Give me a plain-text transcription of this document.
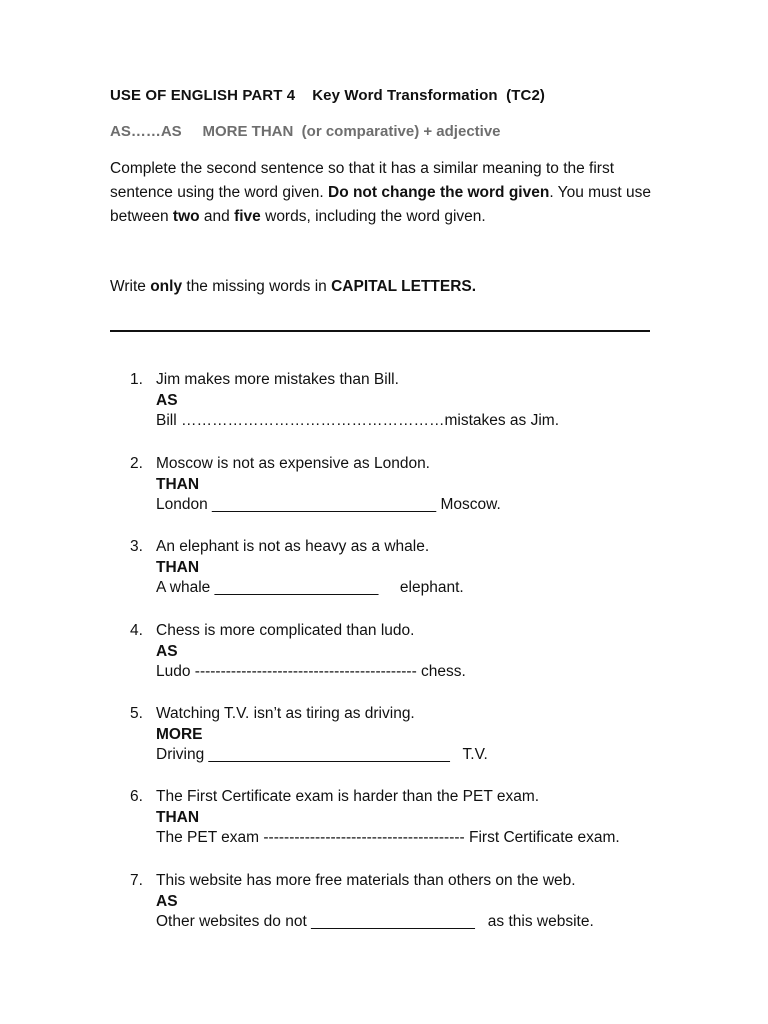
USE OF ENGLISH PART 4    Key Word Transformation  (TC2)
AS……AS     MORE THAN  (or comparative) + adjective

Complete the second sentence so that it has a similar meaning to the first sentence using the word given. Do not change the word given. You must use between two and five words, including the word given.

Write only the missing words in CAPITAL LETTERS.
1. Jim makes more mistakes than Bill.
AS
Bill ……………………………………………mistakes as Jim.
2. Moscow is not as expensive as London.
THAN
London __________________________ Moscow.
3. An elephant is not as heavy as a whale.
THAN
A whale ___________________     elephant.
4. Chess is more complicated than ludo.
AS
Ludo ------------------------------------------- chess.
5. Watching T.V. isn’t as tiring as driving.
MORE
Driving ____________________________   T.V.
6. The First Certificate exam is harder than the PET exam.
THAN
The PET exam --------------------------------------- First Certificate exam.
7. This website has more free materials than others on the web.
AS
Other websites do not ___________________   as this website.
